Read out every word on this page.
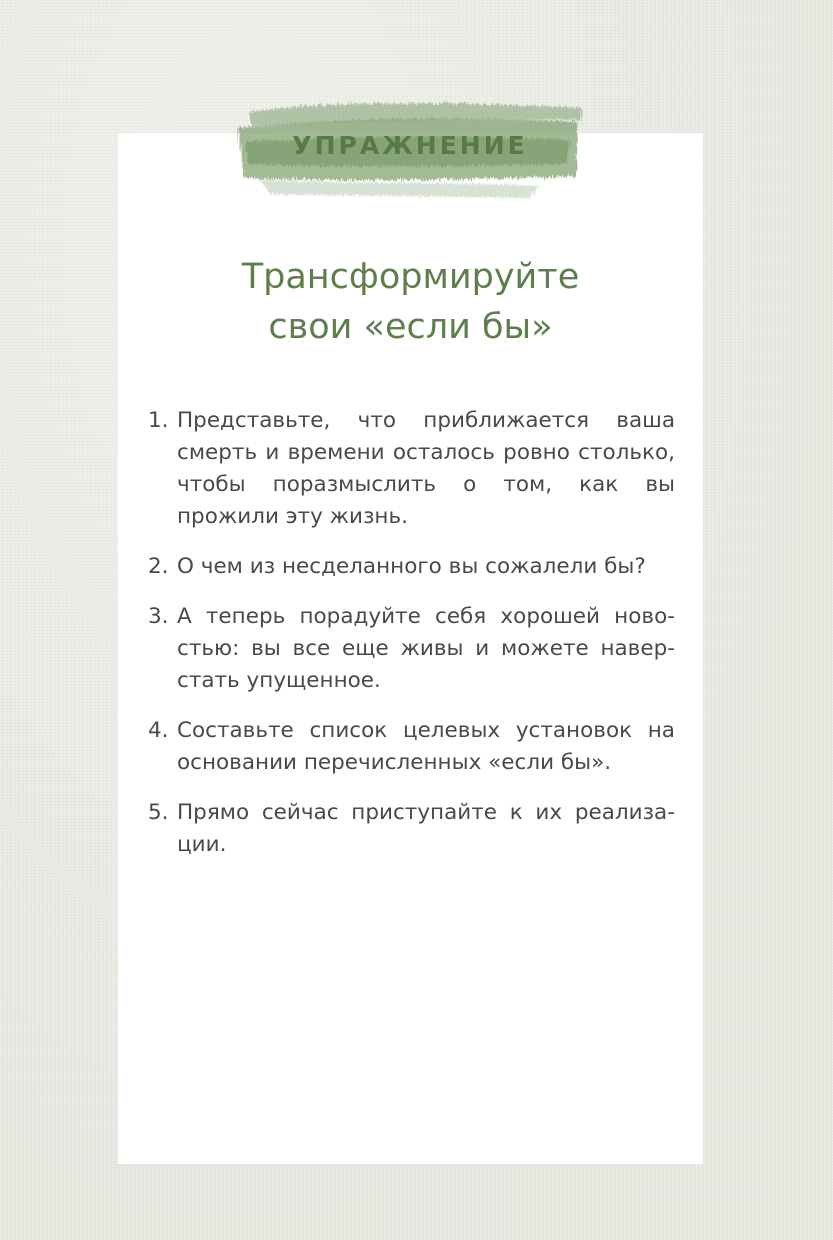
УПРАЖНЕНИЕ

Трансформируйте
свои «если бы»
1. Представьте, что приближается ваша смерть и времени осталось ровно столько, чтобы поразмыслить о том, как вы прожили эту жизнь.
2. О чем из несделанного вы сожалели бы?
3. А теперь порадуйте себя хорошей новостью: вы все еще живы и можете наверстать упущенное.
4. Составьте список целевых установок на основании перечисленных «если бы».
5. Прямо сейчас приступайте к их реализации.
